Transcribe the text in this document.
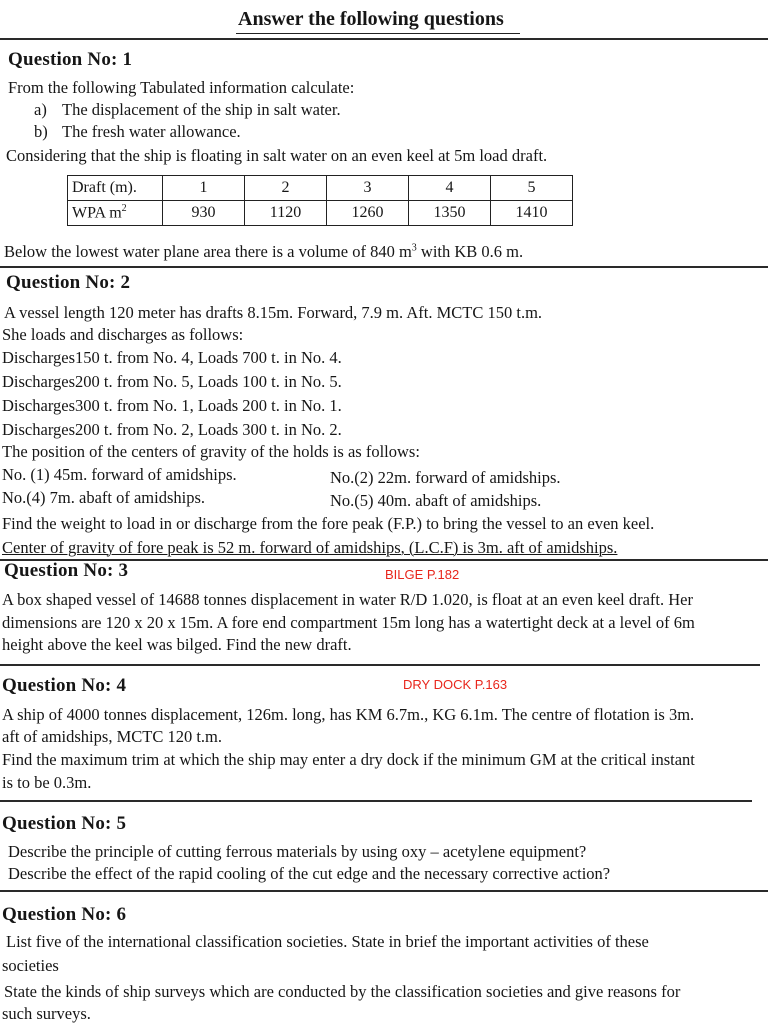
Answer the following questions
Question No: 1
From the following Tabulated information calculate:
a) The displacement of the ship in salt water.
b) The fresh water allowance.
Considering that the ship is floating in salt water on an even keel at 5m load draft.
Draft (m).	1	2	3	4	5
WPA $m^2$	930	1120	1260	1350	1410
Below the lowest water plane area there is a volume of 840 $m^3$ with KB 0.6 m.
Question No: 2
A vessel length 120 meter has drafts 8.15m. Forward, 7.9 m. Aft. MCTC 150 t.m.
She loads and discharges as follows:
Discharges150 t. from No. 4, Loads 700 t. in No. 4.
Discharges200 t. from No. 5, Loads 100 t. in No. 5.
Discharges300 t. from No. 1, Loads 200 t. in No. 1.
Discharges200 t. from No. 2, Loads 300 t. in No. 2.
The position of the centers of gravity of the holds is as follows:
No. (1) 45m. forward of amidships.	No.(2) 22m. forward of amidships.
No.(4) 7m. abaft of amidships.	No.(5) 40m. abaft of amidships.
Find the weight to load in or discharge from the fore peak (F.P.) to bring the vessel to an even keel.
Center of gravity of fore peak is 52 m. forward of amidships, (L.C.F) is 3m. aft of amidships.
Question No: 3	BILGE P.182
A box shaped vessel of 14688 tonnes displacement in water R/D 1.020, is float at an even keel draft. Her
dimensions are 120 x 20 x 15m. A fore end compartment 15m long has a watertight deck at a level of 6m
height above the keel was bilged. Find the new draft.
Question No: 4	DRY DOCK P.163
A ship of 4000 tonnes displacement, 126m. long, has KM 6.7m., KG 6.1m. The centre of flotation is 3m.
aft of amidships, MCTC 120 t.m.
Find the maximum trim at which the ship may enter a dry dock if the minimum GM at the critical instant
is to be 0.3m.
Question No: 5
Describe the principle of cutting ferrous materials by using oxy – acetylene equipment?
Describe the effect of the rapid cooling of the cut edge and the necessary corrective action?
Question No: 6
List five of the international classification societies. State in brief the important activities of these
societies
State the kinds of ship surveys which are conducted by the classification societies and give reasons for
such surveys.
